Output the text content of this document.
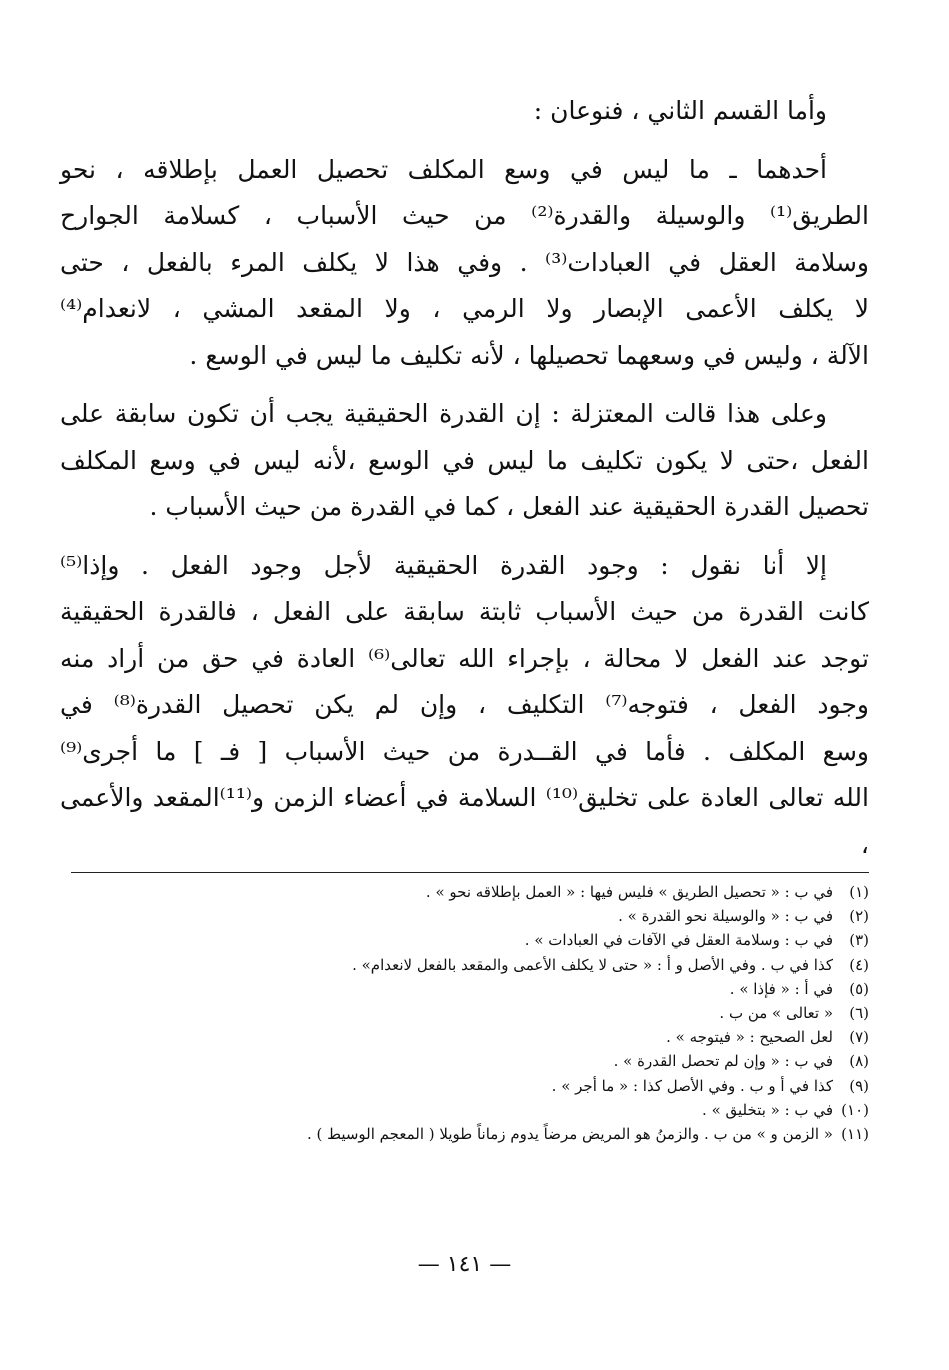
وأما القسم الثاني ، فنوعان :

أحدهما ـ ما ليس في وسع المكلف تحصيل العمل بإطلاقه ، نحو
الطريق⁽¹⁾ والوسيلة والقدرة⁽²⁾ من حيث الأسباب ، كسلامة الجوارح
وسلامة العقل في العبادات⁽³⁾ . وفي هذا لا يكلف المرء بالفعل ، حتى
لا يكلف الأعمى الإبصار ولا الرمي ، ولا المقعد المشي ، لانعدام⁽⁴⁾
الآلة ، وليس في وسعهما تحصيلها ، لأنه تكليف ما ليس في الوسع .

وعلى هذا قالت المعتزلة : إن القدرة الحقيقية يجب أن تكون سابقة على
الفعل ،حتى لا يكون تكليف ما ليس في الوسع ،لأنه ليس في وسع المكلف
تحصيل القدرة الحقيقية عند الفعل ، كما في القدرة من حيث الأسباب .

إلا أنا نقول : وجود القدرة الحقيقية لأجل وجود الفعل . وإذا⁽⁵⁾
كانت القدرة من حيث الأسباب ثابتة سابقة على الفعل ، فالقدرة الحقيقية
توجد عند الفعل لا محالة ، بإجراء الله تعالى⁽⁶⁾ العادة في حق من أراد منه
وجود الفعل ، فتوجه⁽⁷⁾ التكليف ، وإن لم يكن تحصيل القدرة⁽⁸⁾ في
وسع المكلف . فأما في القــدرة من حيث الأسباب [ فـ ] ما أجرى⁽⁹⁾
الله تعالى العادة على تخليق⁽¹⁰⁾ السلامة في أعضاء الزمن و⁽¹¹⁾المقعد والأعمى ،

(١)
في ب : « تحصيل الطريق » فليس فيها : « العمل بإطلاقه نحو » .
(٢)
في ب : « والوسيلة نحو القدرة » .
(٣)
في ب : وسلامة العقل في الآفات في العبادات » .
(٤)
كذا في ب . وفي الأصل و أ : « حتى لا يكلف الأعمى والمقعد بالفعل لانعدام» .
(٥)
في أ : « فإذا » .
(٦)
« تعالى » من ب .
(٧)
لعل الصحيح : « فيتوجه » .
(٨)
في ب : « وإن لم تحصل القدرة » .
(٩)
كذا في أ و ب . وفي الأصل كذا : « ما أجر » .
(١٠)
في ب : « بتخليق » .
(١١)
« الزمن و » من ب . والزمنُ هو المريض مرضاً يدوم زماناً طويلا ( المعجم الوسيط ) .
— ١٤١ —
